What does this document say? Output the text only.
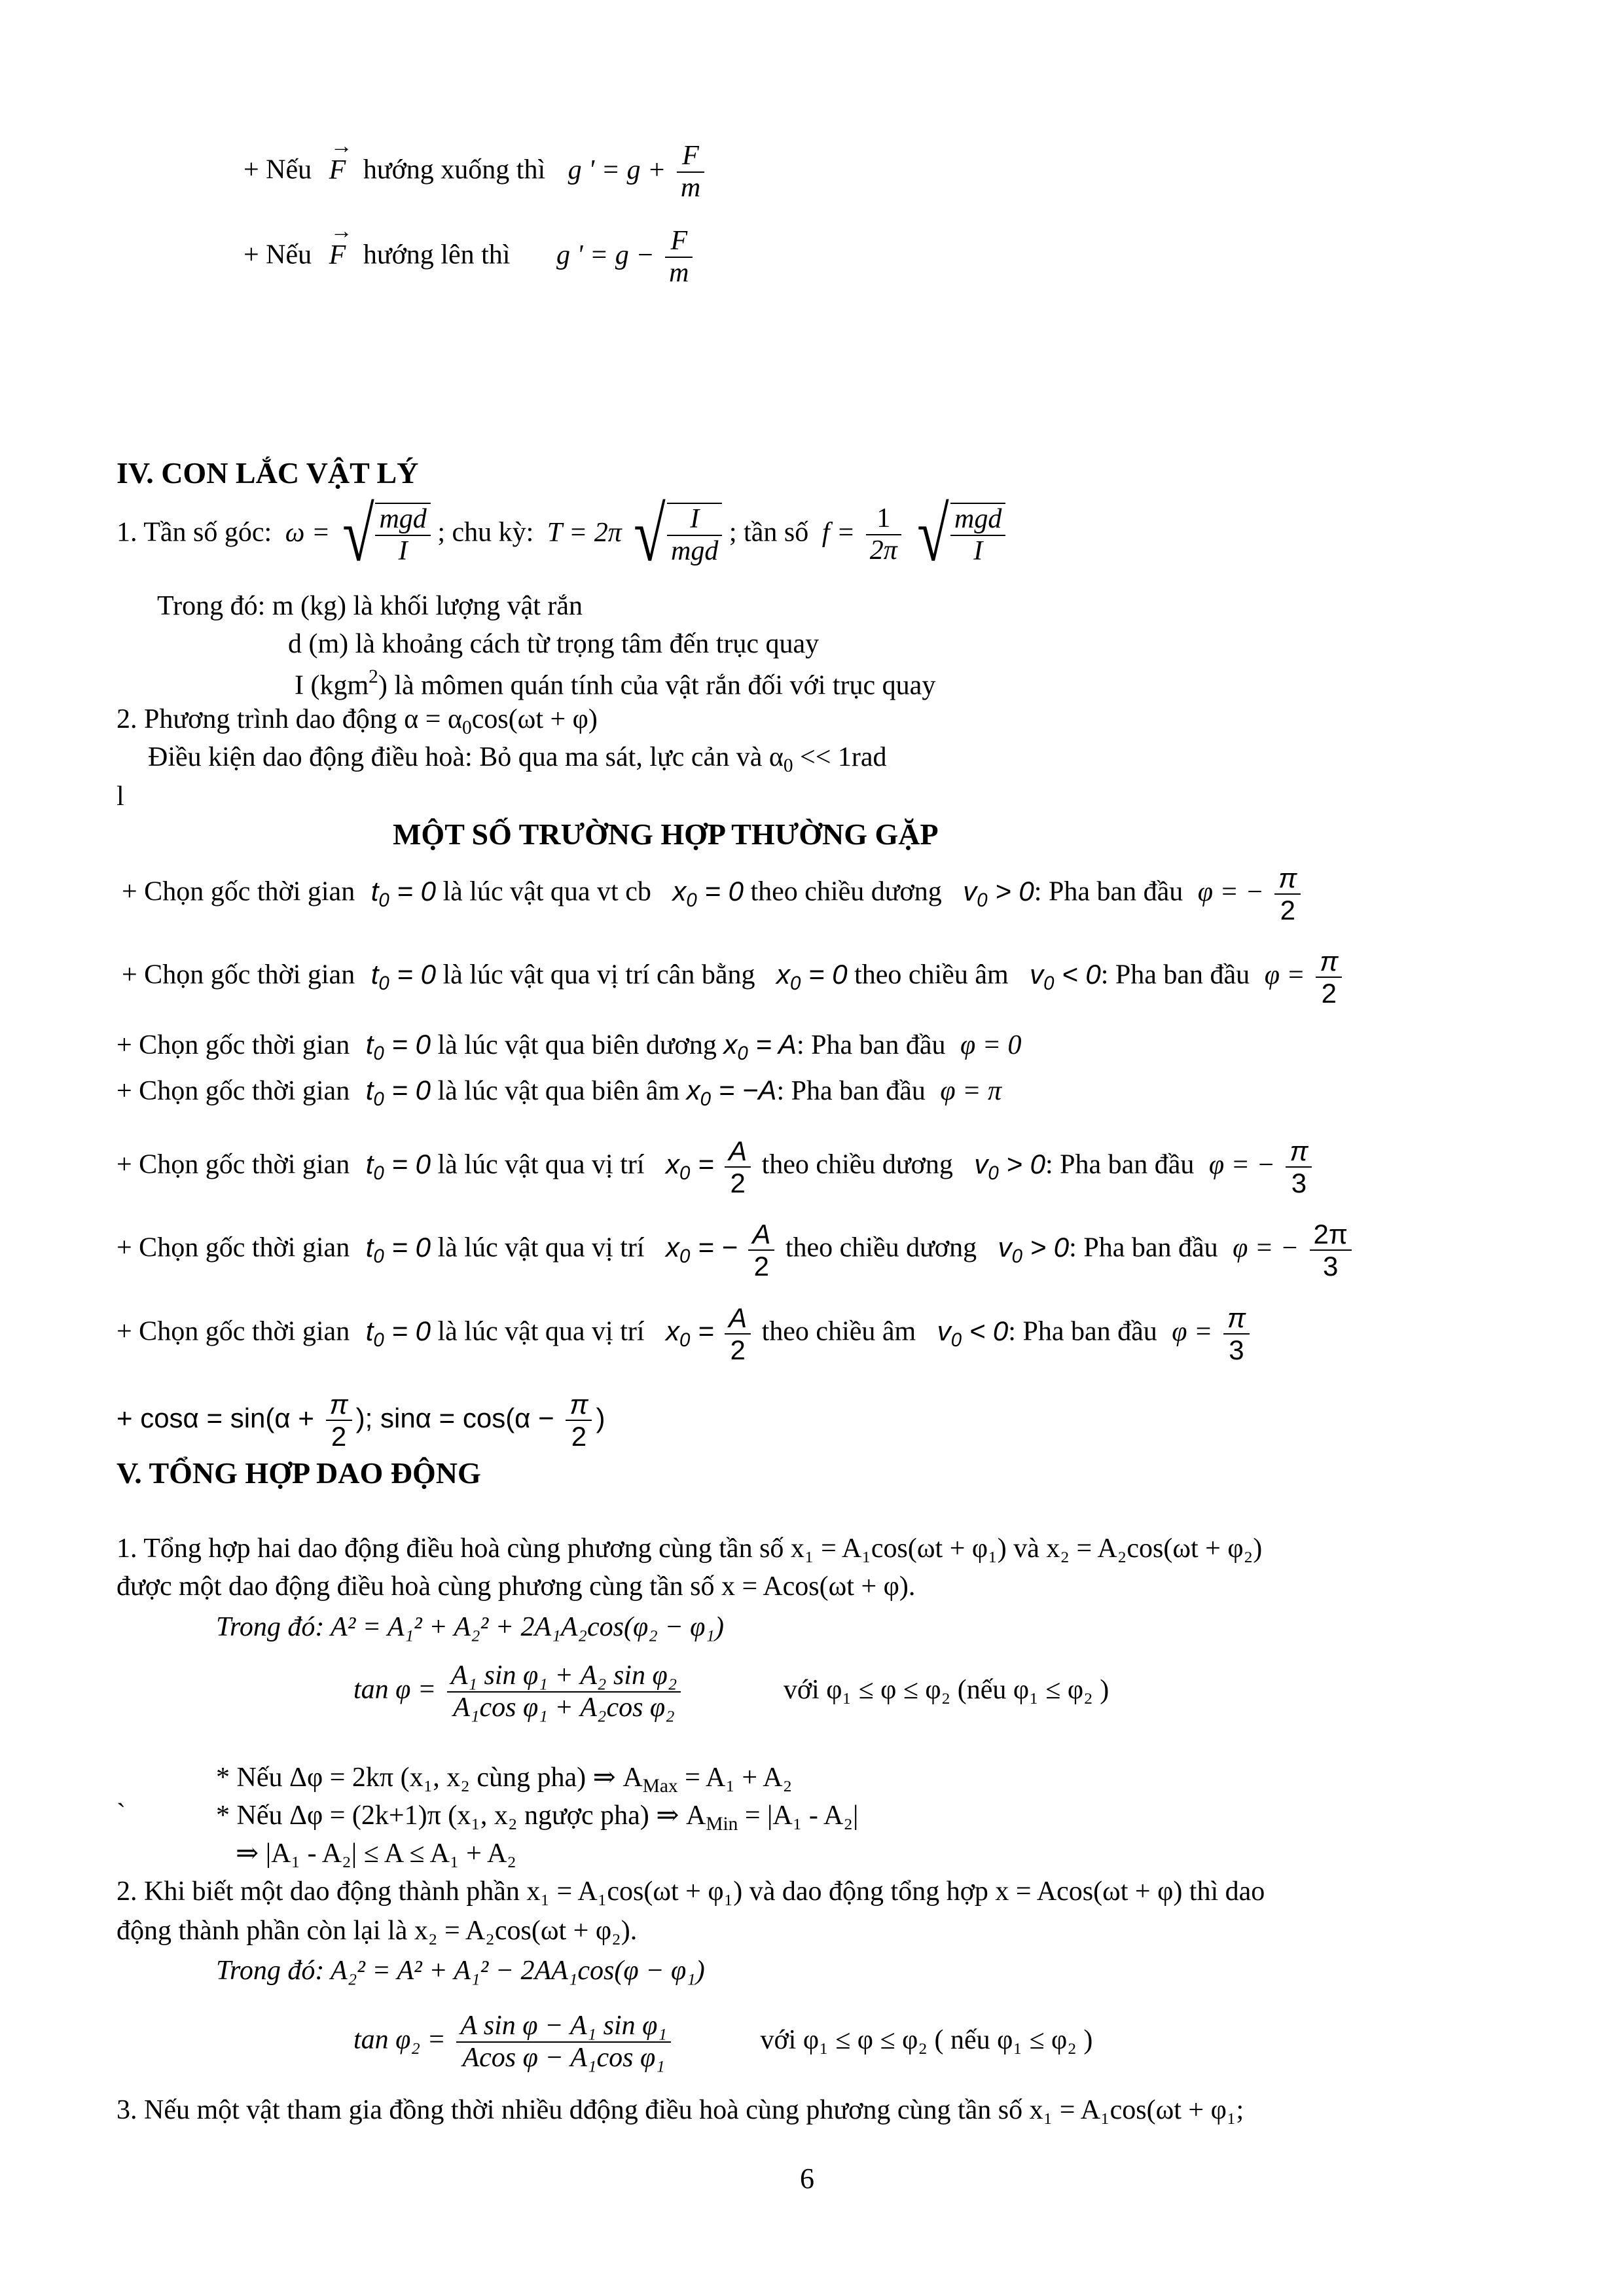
+ Nếu → F hướng xuống thì g ' = $g + \frac{F}{m}$
+ Nếu → F hướng lên thì g ' = $g - \frac{F}{m}$
IV. CON LẮC VẬT LÝ
1. Tần số góc: ω = √ $\frac{\text{mgd}}{I}$ ; chu kỳ: T = 2π √ $\frac{I}{\text{mgd}}$ ; tần số $f = \frac{1}{2\pi}$ √ $\frac{\text{mgd}}{I}$
Trong đó: m (kg) là khối lượng vật rắn
d (m) là khoảng cách từ trọng tâm đến trục quay
I (kgm$^2$) là mômen quán tính của vật rắn đối với trục quay
2. Phương trình dao động $\alpha = \alpha_0\cos(\omega t + \varphi)$
Điều kiện dao động điều hoà: Bỏ qua ma sát, lực cản và $\alpha_0 << 1rad$
l
MỘT SỐ TRƯỜNG HỢP THƯỜNG GẶP
+ Chọn gốc thời gian $t_0 = 0$ là lúc vật qua vt cb $x_0 = 0$ theo chiều dương $v_0 > 0$: Pha ban đầu φ = − $\frac{\pi}{2}$
+ Chọn gốc thời gian $t_0 = 0$ là lúc vật qua vị trí cân bằng $x_0 = 0$ theo chiều âm $v_0 < 0$: Pha ban đầu $\varphi = \frac{\pi}{2}$
+ Chọn gốc thời gian $t_0 = 0$ là lúc vật qua biên dương $x_0 = A$: Pha ban đầu φ = 0
+ Chọn gốc thời gian $t_0 = 0$ là lúc vật qua biên âm $x_0 = -A$: Pha ban đầu φ = π
+ Chọn gốc thời gian $t_0 = 0$ là lúc vật qua vị trí $x_0 = \frac{A}{2}$ theo chiều dương $v_0 > 0$: Pha ban đầu φ = − $\frac{\pi}{3}$
+ Chọn gốc thời gian $t_0 = 0$ là lúc vật qua vị trí $x_0$ = − $\frac{A}{2}$ theo chiều dương $v_0 > 0$: Pha ban đầu φ = − $\frac{2\pi}{3}$
+ Chọn gốc thời gian $t_0 = 0$ là lúc vật qua vị trí $x_0 = \frac{A}{2}$ theo chiều âm $v_0 < 0$: Pha ban đầu $\varphi = \frac{\pi}{3}$
+ $\cos\alpha = \sin(\alpha + \frac{\pi}{2}$ ); $\sin\alpha = \cos(\alpha - \frac{\pi}{2}$ )
V. TỔNG HỢP DAO ĐỘNG
1. Tổng hợp hai dao động điều hoà cùng phương cùng tần số x₁ = A₁cos(ωt + φ₁) và x₂ = A₂cos(ωt + φ₂)
được một dao động điều hoà cùng phương cùng tần số x = Acos(ωt + φ).
Trong đó: A² = A₁² + A₂² + 2A₁A₂cos(φ₂ − φ₁)
$\tan \varphi = \frac{\text{A₁ sin φ₁ + A₂ sin φ₂}}{\text{A₁cos φ₁ + A₂cos φ₂}}$	với φ₁ ≤ φ ≤ φ₂ (nếu φ₁ ≤ φ₂ )
* Nếu Δφ = 2kπ (x₁, x₂ cùng pha) ⇒ $A_{Max} = A_1 + A_2$
`	* Nếu Δφ = (2k+1)π (x₁, x₂ ngược pha) ⇒ $A_{Min} = |A_1 - A_2|$
⇒ |A₁ - A₂| ≤ A ≤ A₁ + A₂
2. Khi biết một dao động thành phần x₁ = A₁cos(ωt + φ₁) và dao động tổng hợp x = Acos(ωt + φ) thì dao
động thành phần còn lại là x₂ = A₂cos(ωt + φ₂).
Trong đó: A₂² = A² + A₁² − 2AA₁cos(φ − φ₁)
$\tan \varphi_2 = \frac{\text{A sin φ − A₁ sin φ₁}}{\text{Acos φ − A₁cos φ₁}}$	với φ₁ ≤ φ ≤ φ₂ ( nếu φ₁ ≤ φ₂ )
3. Nếu một vật tham gia đồng thời nhiều dđộng điều hoà cùng phương cùng tần số x₁ = A₁cos(ωt + φ₁;
6
